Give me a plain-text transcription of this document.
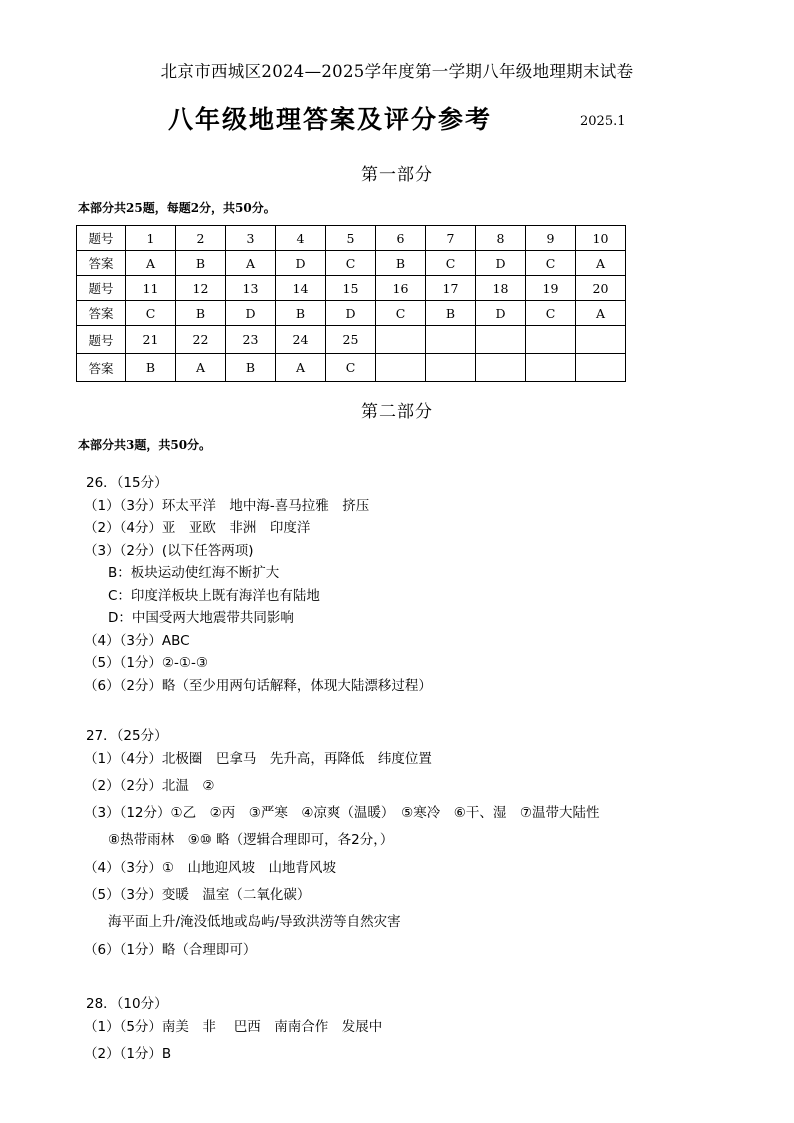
北京市西城区2024—2025学年度第一学期八年级地理期末试卷
八年级地理答案及评分参考	2025.1
第一部分
本部分共25题，每题2分，共50分。
题号	1	2	3	4	5	6	7	8	9	10
答案	A	B	A	D	C	B	C	D	C	A
题号	11	12	13	14	15	16	17	18	19	20
答案	C	B	D	B	D	C	B	D	C	A
题号	21	22	23	24	25					
答案	B	A	B	A	C					
第二部分
本部分共3题，共50分。
26．（15分）
（1）（3分）环太平洋　地中海-喜马拉雅　挤压
（2）（4分）亚　亚欧　非洲　印度洋
（3）（2分）(以下任答两项)
B：板块运动使红海不断扩大
C：印度洋板块上既有海洋也有陆地
D：中国受两大地震带共同影响
（4）（3分）ABC
（5）（1分）②-①-③
（6）（2分）略（至少用两句话解释，体现大陆漂移过程）
27．（25分）
（1）（4分）北极圈　巴拿马　先升高，再降低　纬度位置
（2）（2分）北温　②
（3）（12分）①乙　②丙　③严寒　④凉爽（温暖）　⑤寒冷　⑥干、湿　⑦温带大陆性
⑧热带雨林　⑨⑩ 略（逻辑合理即可，各2分，）
（4）（3分）①　山地迎风坡　山地背风坡
（5）（3分）变暖　温室（二氧化碳）
海平面上升/淹没低地或岛屿/导致洪涝等自然灾害
（6）（1分）略（合理即可）
28．（10分）
（1）（5分）南美　非　 巴西　南南合作　发展中
（2）（1分）B
